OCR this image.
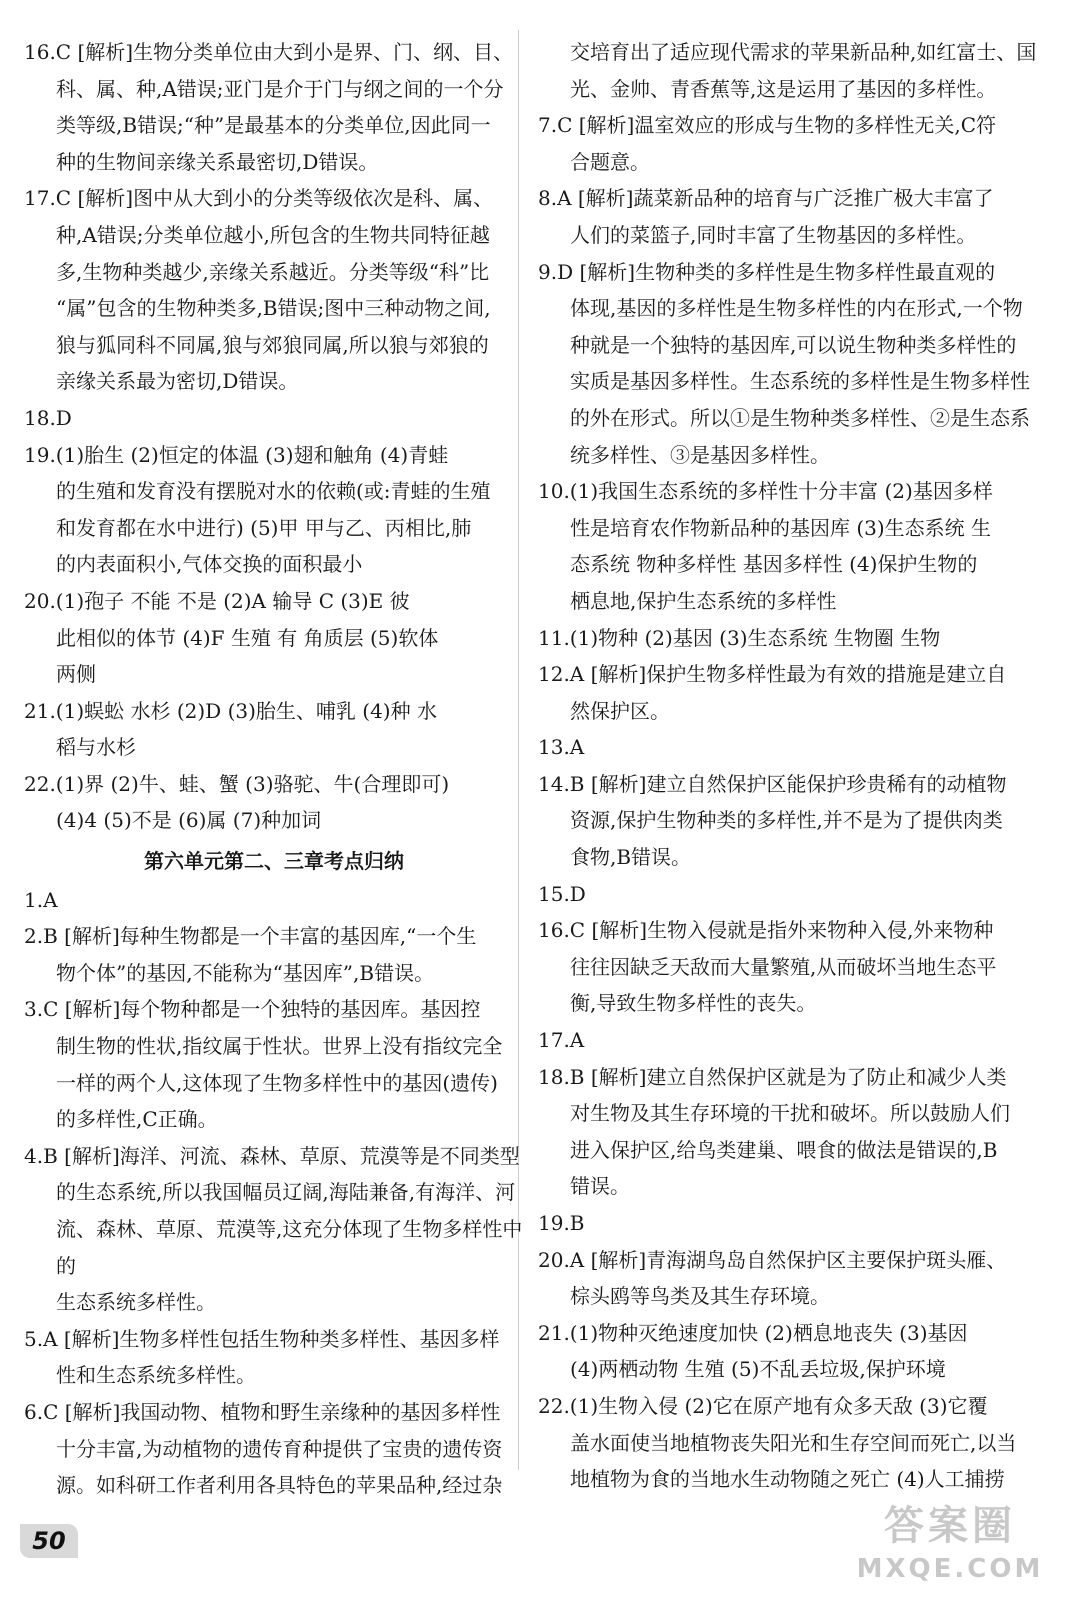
16.C [解析]生物分类单位由大到小是界、门、纲、目、
科、属、种,A错误;亚门是介于门与纲之间的一个分
类等级,B错误;“种”是最基本的分类单位,因此同一
种的生物间亲缘关系最密切,D错误。
17.C [解析]图中从大到小的分类等级依次是科、属、
种,A错误;分类单位越小,所包含的生物共同特征越
多,生物种类越少,亲缘关系越近。分类等级“科”比
“属”包含的生物种类多,B错误;图中三种动物之间,
狼与狐同科不同属,狼与郊狼同属,所以狼与郊狼的
亲缘关系最为密切,D错误。
18.D
19.(1)胎生 (2)恒定的体温 (3)翅和触角 (4)青蛙
的生殖和发育没有摆脱对水的依赖(或:青蛙的生殖
和发育都在水中进行) (5)甲 甲与乙、丙相比,肺
的内表面积小,气体交换的面积最小
20.(1)孢子 不能 不是 (2)A 输导 C (3)E 彼
此相似的体节 (4)F 生殖 有 角质层 (5)软体
两侧
21.(1)蜈蚣 水杉 (2)D (3)胎生、哺乳 (4)种 水
稻与水杉
22.(1)界 (2)牛、蛙、蟹 (3)骆驼、牛(合理即可)
(4)4 (5)不是 (6)属 (7)种加词
第六单元第二、三章考点归纳
1.A
2.B [解析]每种生物都是一个丰富的基因库,“一个生
物个体”的基因,不能称为“基因库”,B错误。
3.C [解析]每个物种都是一个独特的基因库。基因控
制生物的性状,指纹属于性状。世界上没有指纹完全
一样的两个人,这体现了生物多样性中的基因(遗传)
的多样性,C正确。
4.B [解析]海洋、河流、森林、草原、荒漠等是不同类型
的生态系统,所以我国幅员辽阔,海陆兼备,有海洋、河
流、森林、草原、荒漠等,这充分体现了生物多样性中的
生态系统多样性。
5.A [解析]生物多样性包括生物种类多样性、基因多样
性和生态系统多样性。
6.C [解析]我国动物、植物和野生亲缘种的基因多样性
十分丰富,为动植物的遗传育种提供了宝贵的遗传资
源。如科研工作者利用各具特色的苹果品种,经过杂
交培育出了适应现代需求的苹果新品种,如红富士、国
光、金帅、青香蕉等,这是运用了基因的多样性。
7.C [解析]温室效应的形成与生物的多样性无关,C符
合题意。
8.A [解析]蔬菜新品种的培育与广泛推广极大丰富了
人们的菜篮子,同时丰富了生物基因的多样性。
9.D [解析]生物种类的多样性是生物多样性最直观的
体现,基因的多样性是生物多样性的内在形式,一个物
种就是一个独特的基因库,可以说生物种类多样性的
实质是基因多样性。生态系统的多样性是生物多样性
的外在形式。所以①是生物种类多样性、②是生态系
统多样性、③是基因多样性。
10.(1)我国生态系统的多样性十分丰富 (2)基因多样
性是培育农作物新品种的基因库 (3)生态系统 生
态系统 物种多样性 基因多样性 (4)保护生物的
栖息地,保护生态系统的多样性
11.(1)物种 (2)基因 (3)生态系统 生物圈 生物
12.A [解析]保护生物多样性最为有效的措施是建立自
然保护区。
13.A
14.B [解析]建立自然保护区能保护珍贵稀有的动植物
资源,保护生物种类的多样性,并不是为了提供肉类
食物,B错误。
15.D
16.C [解析]生物入侵就是指外来物种入侵,外来物种
往往因缺乏天敌而大量繁殖,从而破坏当地生态平
衡,导致生物多样性的丧失。
17.A
18.B [解析]建立自然保护区就是为了防止和减少人类
对生物及其生存环境的干扰和破坏。所以鼓励人们
进入保护区,给鸟类建巢、喂食的做法是错误的,B
错误。
19.B
20.A [解析]青海湖鸟岛自然保护区主要保护斑头雁、
棕头鸥等鸟类及其生存环境。
21.(1)物种灭绝速度加快 (2)栖息地丧失 (3)基因
(4)两栖动物 生殖 (5)不乱丢垃圾,保护环境
22.(1)生物入侵 (2)它在原产地有众多天敌 (3)它覆
盖水面使当地植物丧失阳光和生存空间而死亡,以当
地植物为食的当地水生动物随之死亡 (4)人工捕捞
50	答案圈
MXQE.COM
